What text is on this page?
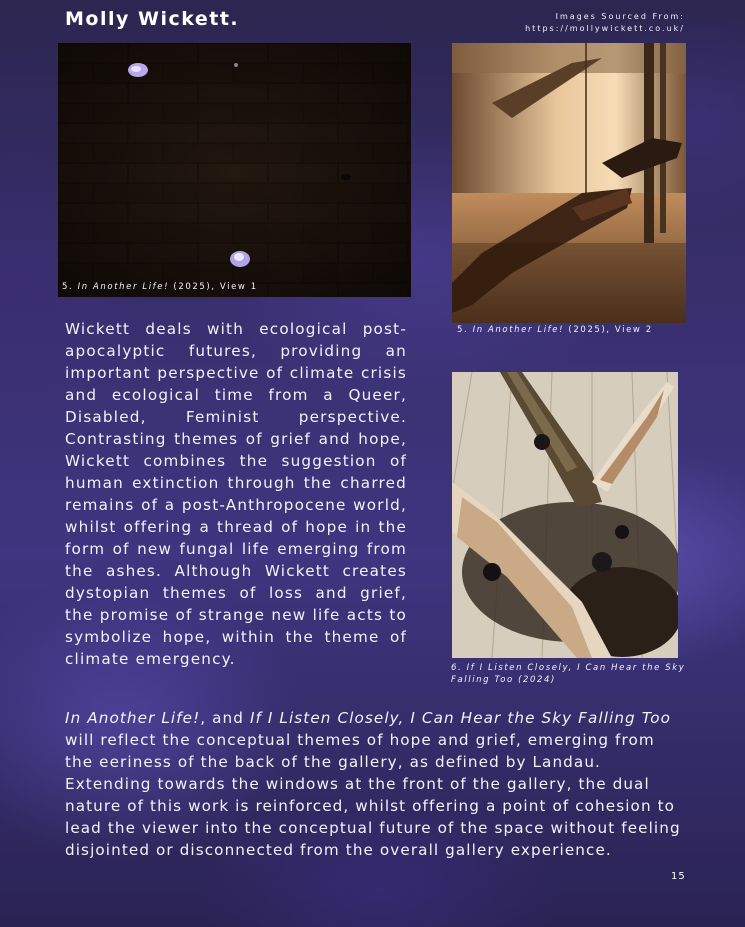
Molly Wickett.	Images Sourced From:
https://mollywickett.co.uk/
5. In Another Life! (2025), View 1
5. In Another Life! (2025), View 2
6. If I Listen Closely, I Can Hear the Sky Falling Too (2024)
Wickett deals with ecological post-apocalyptic futures, providing an important perspective of climate crisis and ecological time from a Queer, Disabled, Feminist perspective. Contrasting themes of grief and hope, Wickett combines the suggestion of human extinction through the charred remains of a post-Anthropocene world, whilst offering a thread of hope in the form of new fungal life emerging from the ashes. Although Wickett creates dystopian themes of loss and grief, the promise of strange new life acts to symbolize hope, within the theme of climate emergency.
In Another Life!, and If I Listen Closely, I Can Hear the Sky Falling Too will reflect the conceptual themes of hope and grief, emerging from the eeriness of the back of the gallery, as defined by Landau. Extending towards the windows at the front of the gallery, the dual nature of this work is reinforced, whilst offering a point of cohesion to lead the viewer into the conceptual future of the space without feeling disjointed or disconnected from the overall gallery experience.
15
